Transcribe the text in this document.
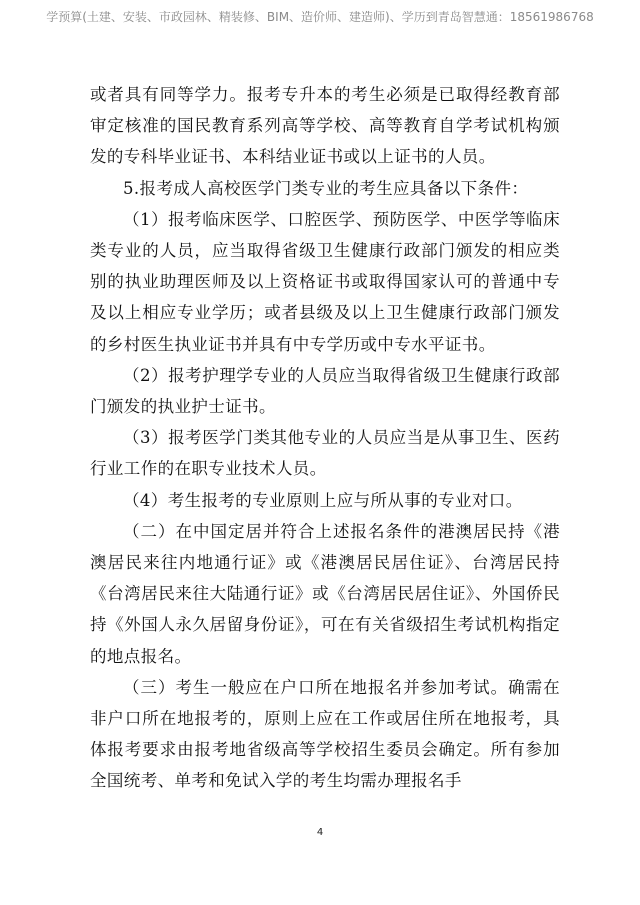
学预算(土建、安装、市政园林、精装修、BIM、造价师、建造师)、学历到青岛智慧通：18561986768

或者具有同等学力。报考专升本的考生必须是已取得经教育部审定核准的国民教育系列高等学校、高等教育自学考试机构颁发的专科毕业证书、本科结业证书或以上证书的人员。

5.报考成人高校医学门类专业的考生应具备以下条件：

（1）报考临床医学、口腔医学、预防医学、中医学等临床类专业的人员，应当取得省级卫生健康行政部门颁发的相应类别的执业助理医师及以上资格证书或取得国家认可的普通中专及以上相应专业学历；或者县级及以上卫生健康行政部门颁发的乡村医生执业证书并具有中专学历或中专水平证书。

（2）报考护理学专业的人员应当取得省级卫生健康行政部门颁发的执业护士证书。

（3）报考医学门类其他专业的人员应当是从事卫生、医药行业工作的在职专业技术人员。

（4）考生报考的专业原则上应与所从事的专业对口。

（二）在中国定居并符合上述报名条件的港澳居民持《港澳居民来往内地通行证》或《港澳居民居住证》、台湾居民持《台湾居民来往大陆通行证》或《台湾居民居住证》、外国侨民持《外国人永久居留身份证》，可在有关省级招生考试机构指定的地点报名。

（三）考生一般应在户口所在地报名并参加考试。确需在非户口所在地报考的，原则上应在工作或居住所在地报考，具体报考要求由报考地省级高等学校招生委员会确定。所有参加全国统考、单考和免试入学的考生均需办理报名手

4
